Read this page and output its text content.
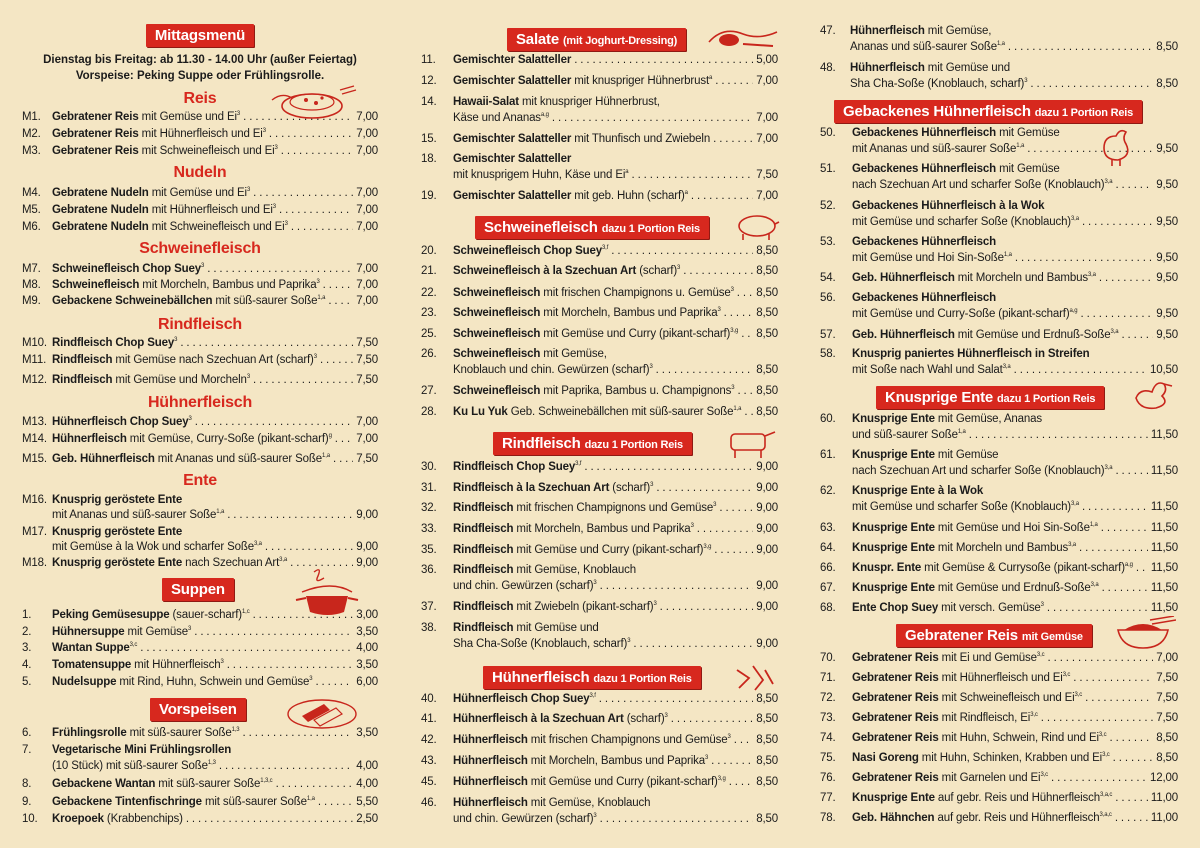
Mittagsmenü
Dienstag bis Freitag: ab 11.30 - 14.00 Uhr (außer Feiertag)
Vorspeise: Peking Suppe oder Frühlingsrolle.
Reis
M1. Gebratener Reis mit Gemüse und Ei$^3$ . . .	7,00
M2. Gebratener Reis mit Hühnerfleisch und Ei$^3$ . . .	7,00
M3. Gebratener Reis mit Schweinefleisch und Ei$^3$ . . .	7,00
Nudeln
M4. Gebratene Nudeln mit Gemüse und Ei$^3$ . . .	7,00
M5. Gebratene Nudeln mit Hühnerfleisch und Ei$^3$ . . .	7,00
M6. Gebratene Nudeln mit Schweinefleisch und Ei$^3$ . . .	7,00
Schweinefleisch
M7. Schweinefleisch Chop Suey$^3$ . . .	7,00
M8. Schweinefleisch mit Morcheln, Bambus und Paprika$^3$ . . .	7,00
M9. Gebackene Schweinebällchen mit süß-saurer Soße$^{1,a}$ . . .	7,00
Rindfleisch
M10. Rindfleisch Chop Suey$^3$ . . .	7,50
M11. Rindfleisch mit Gemüse nach Szechuan Art (scharf)$^3$ . . .	7,50
M12. Rindfleisch mit Gemüse und Morcheln$^3$ . . .	7,50
Hühnerfleisch
M13. Hühnerfleisch Chop Suey$^3$ . . .	7,00
M14. Hühnerfleisch mit Gemüse, Curry-Soße (pikant-scharf)$^g$ . . .	7,00
M15. Geb. Hühnerfleisch mit Ananas und süß-saurer Soße$^{1,a}$ . . .	7,50
Ente
M16. Knusprig geröstete Ente
mit Ananas und süß-saurer Soße$^{1,a}$ . . .	9,00
M17. Knusprig geröstete Ente
mit Gemüse à la Wok und scharfer Soße$^{3,a}$ . . .	9,00
M18. Knusprig geröstete Ente nach Szechuan Art$^{3,a}$ . . .	9,00
Suppen
1. Peking Gemüsesuppe (sauer-scharf)$^{1,c}$ . . .	3,00
2. Hühnersuppe mit Gemüse$^3$ . . .	3,50
3. Wantan Suppe$^{3,c}$ . . .	4,00
4. Tomatensuppe mit Hühnerfleisch$^3$ . . .	3,50
5. Nudelsuppe mit Rind, Huhn, Schwein und Gemüse$^3$ . . .	6,00
Vorspeisen
6. Frühlingsrolle mit süß-saurer Soße$^{1,3}$ . . .	3,50
7. Vegetarische Mini Frühlingsrollen
(10 Stück) mit süß-saurer Soße$^{1,3}$ . . .	4,00
8. Gebackene Wantan mit süß-saurer Soße$^{1,3,c}$ . . .	4,00
9. Gebackene Tintenfischringe mit süß-saurer Soße$^{1,a}$ . . .	5,50
10. Kroepoek (Krabbenchips) . . .	2,50
Salate (mit Joghurt-Dressing)
11. Gemischter Salatteller . . .	5,00
12. Gemischter Salatteller mit knuspriger Hühnerbrust$^a$ . . .	7,00
14. Hawaii-Salat mit knuspriger Hühnerbrust,
Käse und Ananas$^{a,g}$ . . .	7,00
15. Gemischter Salatteller mit Thunfisch und Zwiebeln . . .	7,00
18. Gemischter Salatteller
mit knusprigem Huhn, Käse und Ei$^a$ . . .	7,50
19. Gemischter Salatteller mit geb. Huhn (scharf)$^a$ . . .	7,00
Schweinefleisch dazu 1 Portion Reis
20. Schweinefleisch Chop Suey$^{3,f}$ . . .	8,50
21. Schweinefleisch à la Szechuan Art (scharf)$^3$ . . .	8,50
22. Schweinefleisch mit frischen Champignons u. Gemüse$^3$ . . .	8,50
23. Schweinefleisch mit Morcheln, Bambus und Paprika$^3$ . . .	8,50
25. Schweinefleisch mit Gemüse und Curry (pikant-scharf)$^{3,g}$ . . .	8,50
26. Schweinefleisch mit Gemüse,
Knoblauch und chin. Gewürzen (scharf)$^3$ . . .	8,50
27. Schweinefleisch mit Paprika, Bambus u. Champignons$^3$ . . .	8,50
28. Ku Lu Yuk Geb. Schweinebällchen mit süß-saurer Soße$^{1,a}$ . . .	8,50
Rindfleisch dazu 1 Portion Reis
30. Rindfleisch Chop Suey$^{3,f}$ . . .	9,00
31. Rindfleisch à la Szechuan Art (scharf)$^3$ . . .	9,00
32. Rindfleisch mit frischen Champignons und Gemüse$^3$ . . .	9,00
33. Rindfleisch mit Morcheln, Bambus und Paprika$^3$ . . .	9,00
35. Rindfleisch mit Gemüse und Curry (pikant-scharf)$^{3,g}$ . . .	9,00
36. Rindfleisch mit Gemüse, Knoblauch
und chin. Gewürzen (scharf)$^3$ . . .	9,00
37. Rindfleisch mit Zwiebeln (pikant-scharf)$^3$ . . .	9,00
38. Rindfleisch mit Gemüse und
Sha Cha-Soße (Knoblauch, scharf)$^3$ . . .	9,00
Hühnerfleisch dazu 1 Portion Reis
40. Hühnerfleisch Chop Suey$^{3,f}$ . . .	8,50
41. Hühnerfleisch à la Szechuan Art (scharf)$^3$ . . .	8,50
42. Hühnerfleisch mit frischen Champignons und Gemüse$^3$ . . .	8,50
43. Hühnerfleisch mit Morcheln, Bambus und Paprika$^3$ . . .	8,50
45. Hühnerfleisch mit Gemüse und Curry (pikant-scharf)$^{3,g}$ . . .	8,50
46. Hühnerfleisch mit Gemüse, Knoblauch
und chin. Gewürzen (scharf)$^3$ . . .	8,50
47. Hühnerfleisch mit Gemüse,
Ananas und süß-saurer Soße$^{1,a}$ . . .	8,50
48. Hühnerfleisch mit Gemüse und
Sha Cha-Soße (Knoblauch, scharf)$^3$ . . .	8,50
Gebackenes Hühnerfleisch dazu 1 Portion Reis
50. Gebackenes Hühnerfleisch mit Gemüse
mit Ananas und süß-saurer Soße$^{1,a}$ . . .	9,50
51. Gebackenes Hühnerfleisch mit Gemüse
nach Szechuan Art und scharfer Soße (Knoblauch)$^{3,a}$ . . .	9,50
52. Gebackenes Hühnerfleisch à la Wok
mit Gemüse und scharfer Soße (Knoblauch)$^{3,a}$ . . .	9,50
53. Gebackenes Hühnerfleisch
mit Gemüse und Hoi Sin-Soße$^{1,a}$ . . .	9,50
54. Geb. Hühnerfleisch mit Morcheln und Bambus$^{3,a}$ . . .	9,50
56. Gebackenes Hühnerfleisch
mit Gemüse und Curry-Soße (pikant-scharf)$^{a,g}$ . . .	9,50
57. Geb. Hühnerfleisch mit Gemüse und Erdnuß-Soße$^{3,a}$ . . .	9,50
58. Knusprig paniertes Hühnerfleisch in Streifen
mit Soße nach Wahl und Salat$^{3,a}$ . . .	10,50
Knusprige Ente dazu 1 Portion Reis
60. Knusprige Ente mit Gemüse, Ananas
und süß-saurer Soße$^{1,a}$ . . .	11,50
61. Knusprige Ente mit Gemüse
nach Szechuan Art und scharfer Soße (Knoblauch)$^{3,a}$ . . .	11,50
62. Knusprige Ente à la Wok
mit Gemüse und scharfer Soße (Knoblauch)$^{3,a}$ . . .	11,50
63. Knusprige Ente mit Gemüse und Hoi Sin-Soße$^{1,a}$ . . .	11,50
64. Knusprige Ente mit Morcheln und Bambus$^{3,a}$ . . .	11,50
66. Knuspr. Ente mit Gemüse & Currysoße (pikant-scharf)$^{a,g}$ . . .	11,50
67. Knusprige Ente mit Gemüse und Erdnuß-Soße$^{3,a}$ . . .	11,50
68. Ente Chop Suey mit versch. Gemüse$^3$ . . .	11,50
Gebratener Reis mit Gemüse
70. Gebratener Reis mit Ei und Gemüse$^{3,c}$ . . .	7,00
71. Gebratener Reis mit Hühnerfleisch und Ei$^{3,c}$ . . .	7,50
72. Gebratener Reis mit Schweinefleisch und Ei$^{3,c}$ . . .	7,50
73. Gebratener Reis mit Rindfleisch, Ei$^{3,c}$ . . .	7,50
74. Gebratener Reis mit Huhn, Schwein, Rind und Ei$^{3,c}$ . . .	8,50
75. Nasi Goreng mit Huhn, Schinken, Krabben und Ei$^{3,c}$ . . .	8,50
76. Gebratener Reis mit Garnelen und Ei$^{3,c}$ . . .	12,00
77. Knusprige Ente auf gebr. Reis und Hühnerfleisch$^{3,a,c}$ . . .	11,00
78. Geb. Hähnchen auf gebr. Reis und Hühnerfleisch$^{3,a,c}$ . . .	11,00
